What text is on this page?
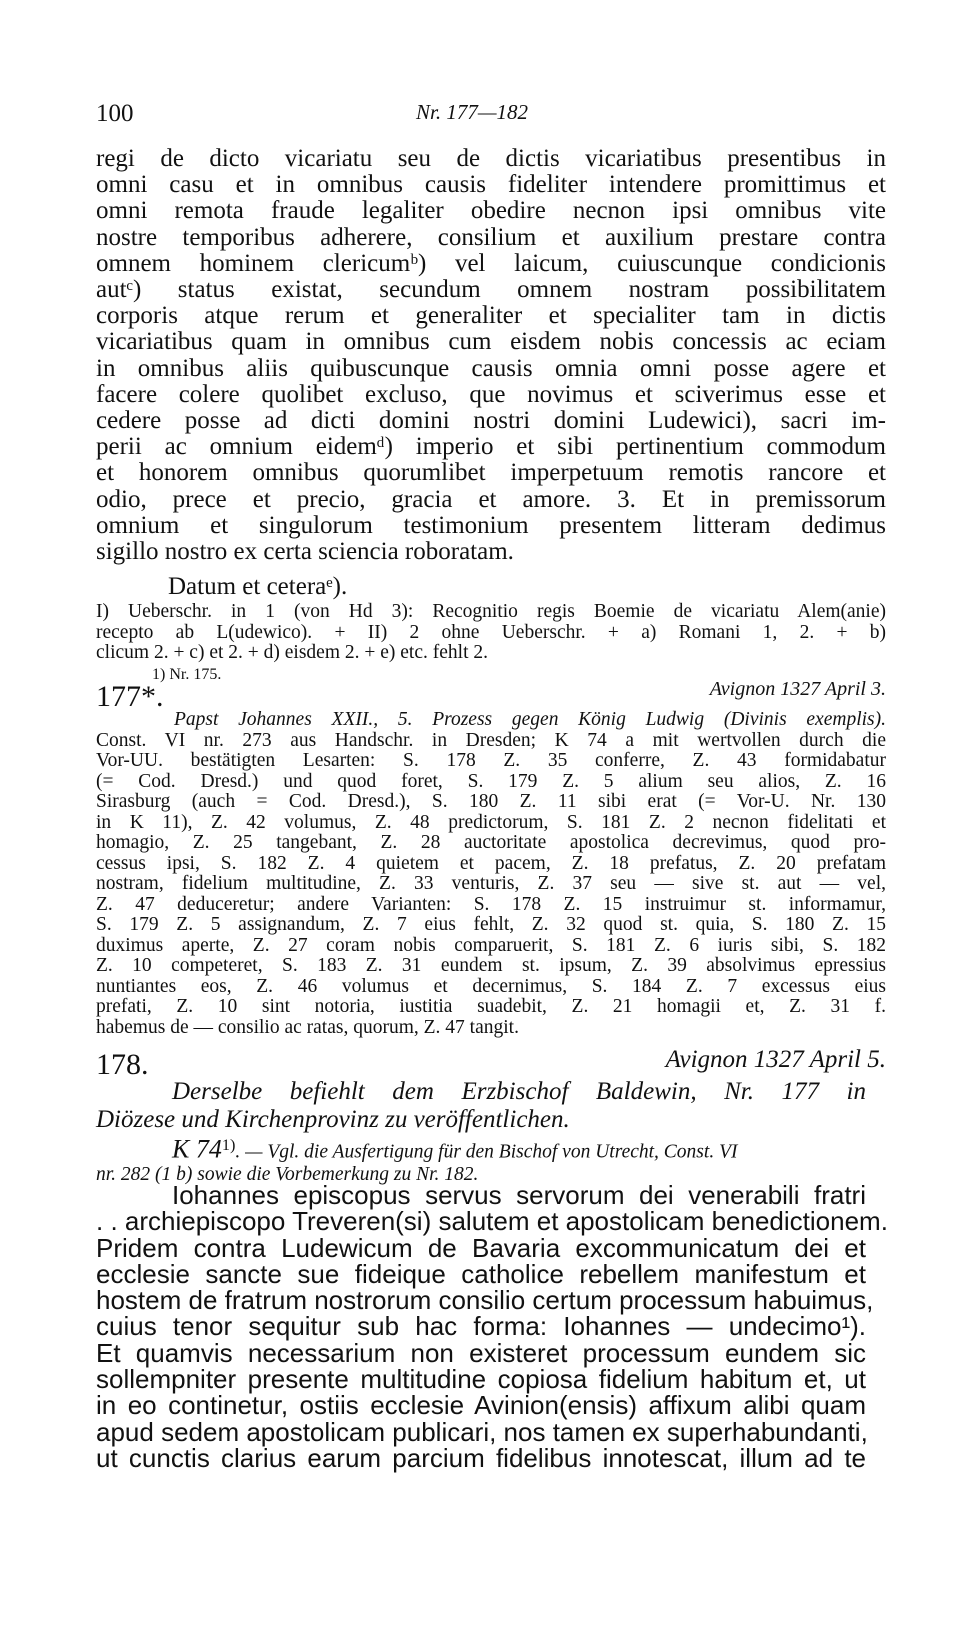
100	Nr. 177—182
regi de dicto vicariatu seu de dictis vicariatibus presentibus in
omni casu et in omnibus causis fideliter intendere promittimus et
omni remota fraude legaliter obedire necnon ipsi omnibus vite
nostre temporibus adherere, consilium et auxilium prestare contra
omnem hominem clericumᵇ) vel laicum, cuiuscunque condicionis
autᶜ) status existat, secundum omnem nostram possibilitatem
corporis atque rerum et generaliter et specialiter tam in dictis
vicariatibus quam in omnibus cum eisdem nobis concessis ac eciam
in omnibus aliis quibuscunque causis omnia omni posse agere et
facere colere quolibet excluso, que novimus et sciverimus esse et
cedere posse ad dicti domini nostri domini Ludewici), sacri im-
perii ac omnium eidemᵈ) imperio et sibi pertinentium commodum
et honorem omnibus quorumlibet imperpetuum remotis rancore et
odio, prece et precio, gracia et amore. 3. Et in premissorum
omnium et singulorum testimonium presentem litteram dedimus
sigillo nostro ex certa sciencia roboratam.
Datum et ceteraᵉ).
I) Ueberschr. in 1 (von Hd 3): Recognitio regis Boemie de vicariatu Alem(anie)
recepto ab L(udewico). + II) 2 ohne Ueberschr. + a) Romani 1, 2. + b)
clicum 2. + c) et 2. + d) eisdem 2. + e) etc. fehlt 2.
1) Nr. 175.
177*.	Avignon 1327 April 3.
Papst Johannes XXII., 5. Prozess gegen König Ludwig (Divinis exemplis).
Const. VI nr. 273 aus Handschr. in Dresden; K 74 a mit wertvollen durch die
Vor-UU. bestätigten Lesarten: S. 178 Z. 35 conferre, Z. 43 formidabatur
(= Cod. Dresd.) und quod foret, S. 179 Z. 5 alium seu alios, Z. 16
Sirasburg (auch = Cod. Dresd.), S. 180 Z. 11 sibi erat (= Vor-U. Nr. 130
in K 11), Z. 42 volumus, Z. 48 predictorum, S. 181 Z. 2 necnon fidelitati et
homagio, Z. 25 tangebant, Z. 28 auctoritate apostolica decrevimus, quod pro-
cessus ipsi, S. 182 Z. 4 quietem et pacem, Z. 18 prefatus, Z. 20 prefatam
nostram, fidelium multitudine, Z. 33 venturis, Z. 37 seu — sive st. aut — vel,
Z. 47 deduceretur; andere Varianten: S. 178 Z. 15 instruimur st. informamur,
S. 179 Z. 5 assignandum, Z. 7 eius fehlt, Z. 32 quod st. quia, S. 180 Z. 15
duximus aperte, Z. 27 coram nobis comparuerit, S. 181 Z. 6 iuris sibi, S. 182
Z. 10 competeret, S. 183 Z. 31 eundem st. ipsum, Z. 39 absolvimus epressius
nuntiantes eos, Z. 46 volumus et decernimus, S. 184 Z. 7 excessus eius
prefati, Z. 10 sint notoria, iustitia suadebit, Z. 21 homagii et, Z. 31 f.
habemus de — consilio ac ratas, quorum, Z. 47 tangit.
178.	Avignon 1327 April 5.
Derselbe befiehlt dem Erzbischof Baldewin, Nr. 177 in
Diözese und Kirchenprovinz zu veröffentlichen.
K 74$^{1)}$. — Vgl. die Ausfertigung für den Bischof von Utrecht, Const. VI
nr. 282 (1 b) sowie die Vorbemerkung zu Nr. 182.
Iohannes episcopus servus servorum dei venerabili fratri
. . archiepiscopo Treveren(si) salutem et apostolicam benedictionem.
Pridem contra Ludewicum de Bavaria excommunicatum dei et
ecclesie sancte sue fideique catholice rebellem manifestum et
hostem de fratrum nostrorum consilio certum processum habuimus,
cuius tenor sequitur sub hac forma: Iohannes — undecimo¹).
Et quamvis necessarium non existeret processum eundem sic
sollempniter presente multitudine copiosa fidelium habitum et, ut
in eo continetur, ostiis ecclesie Avinion(ensis) affixum alibi quam
apud sedem apostolicam publicari, nos tamen ex superhabundanti,
ut cunctis clarius earum parcium fidelibus innotescat, illum ad te
